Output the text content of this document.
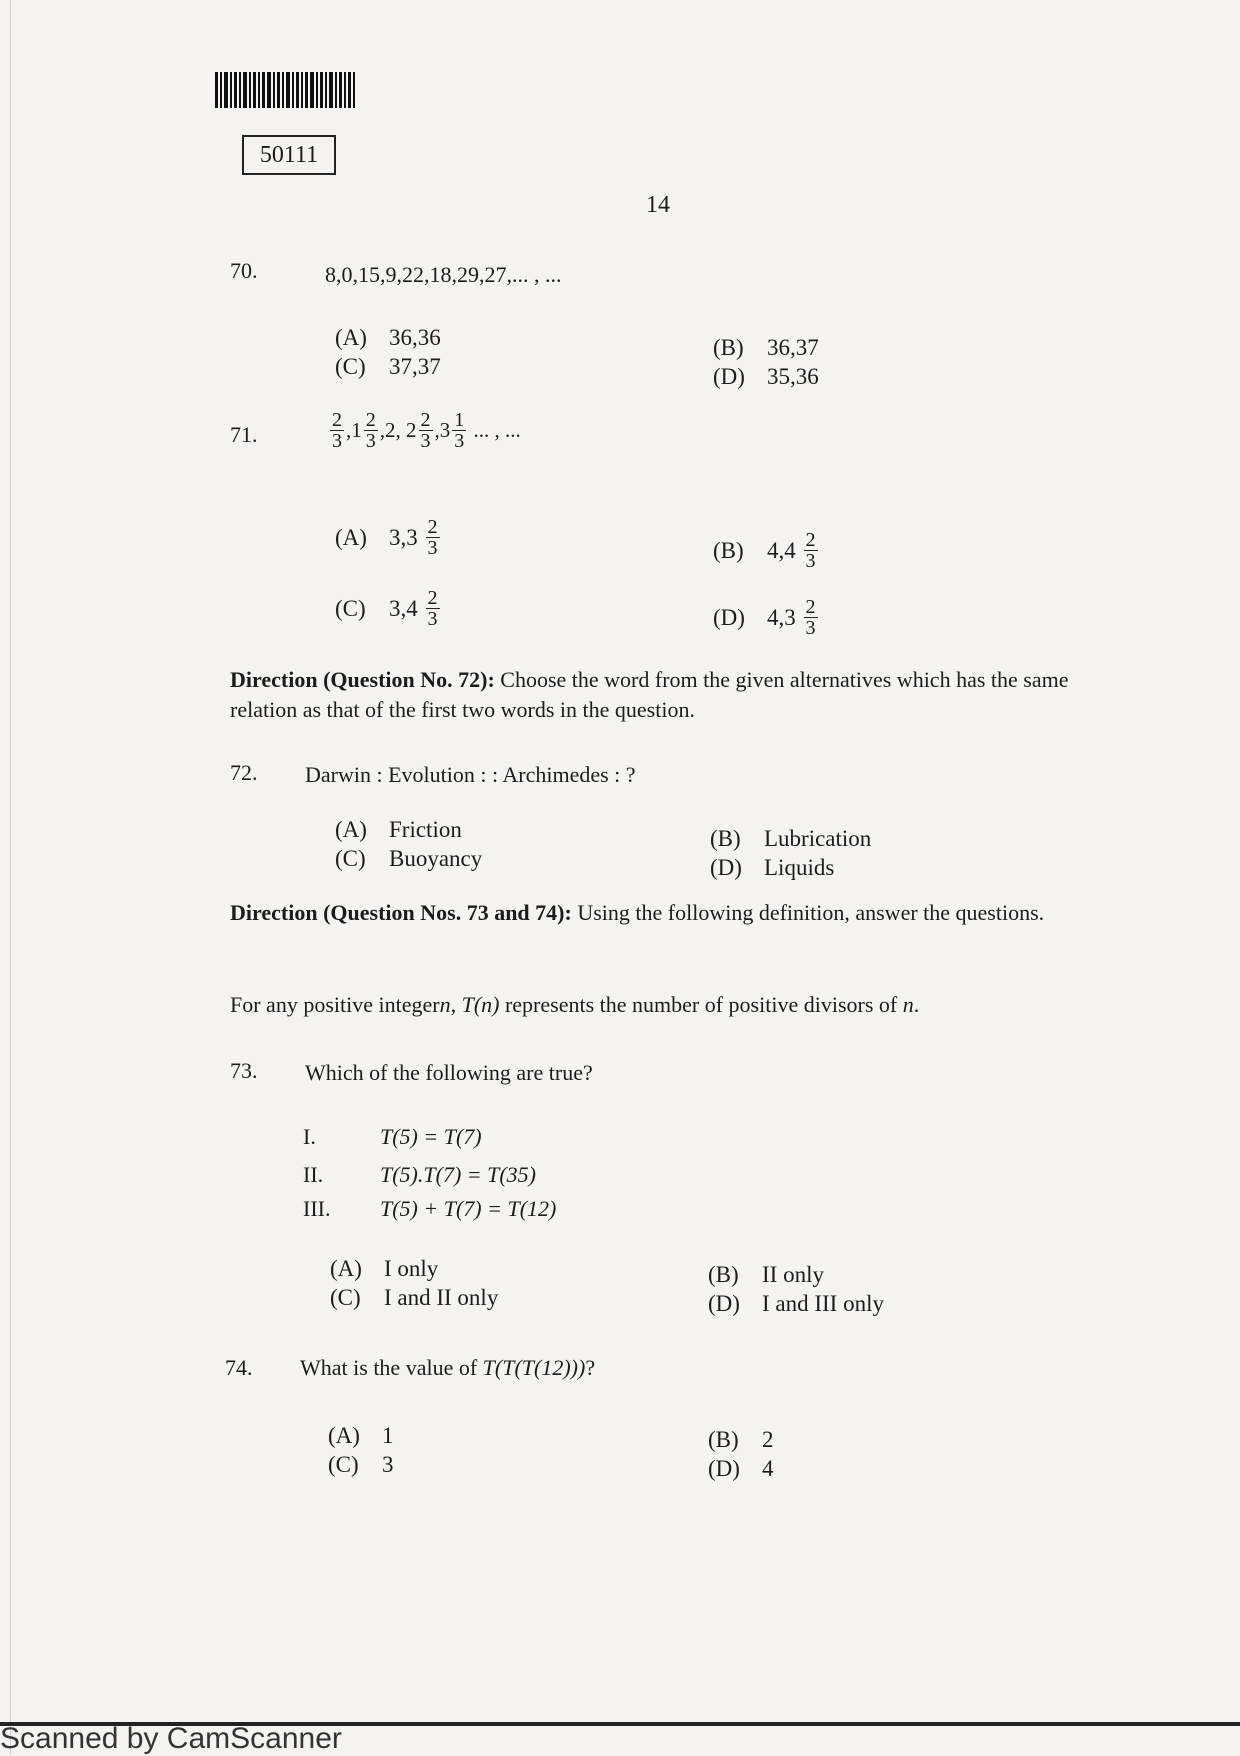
50111
14
70.	8,0,15,9,22,18,29,27,... , ...
(A) 36,36
(C) 37,37
(B) 36,37
(D) 35,36
71.	$\frac{2}{3} ,1 \frac{2}{3} ,2$, $2 \frac{2}{3} ,3 \frac{1}{3}$
... , ...
(A) 3,3
$\frac{2}{3}$
(C)	3,4
$\frac{2}{3}$
(B)	4,4
$\frac{2}{3}$
(D) 4,3
$\frac{2}{3}$
Direction (Question No. 72): Choose the word from the given alternatives which has the same relation as that of the first two words in the question.
72. Darwin : Evolution : : Archimedes : ?
(A) Friction
(C) Buoyancy
(B) Lubrication
(D) Liquids
Direction (Question Nos. 73 and 74): Using the following definition, answer the questions.
For any positive integern, T(n) represents the number of positive divisors of n.
73. Which of the following are true?
I.	T(5) = T(7)
II.	T(5).T(7) = T(35)
III. T(5) + T(7) = T(12)
(A) I only
(C) I and II only
(B) II only
(D) I and III only
74. What is the value of T(T(T(12)))?
(A) 1
(C) 3
(B) 2
(D) 4
Scanned by CamScanner
